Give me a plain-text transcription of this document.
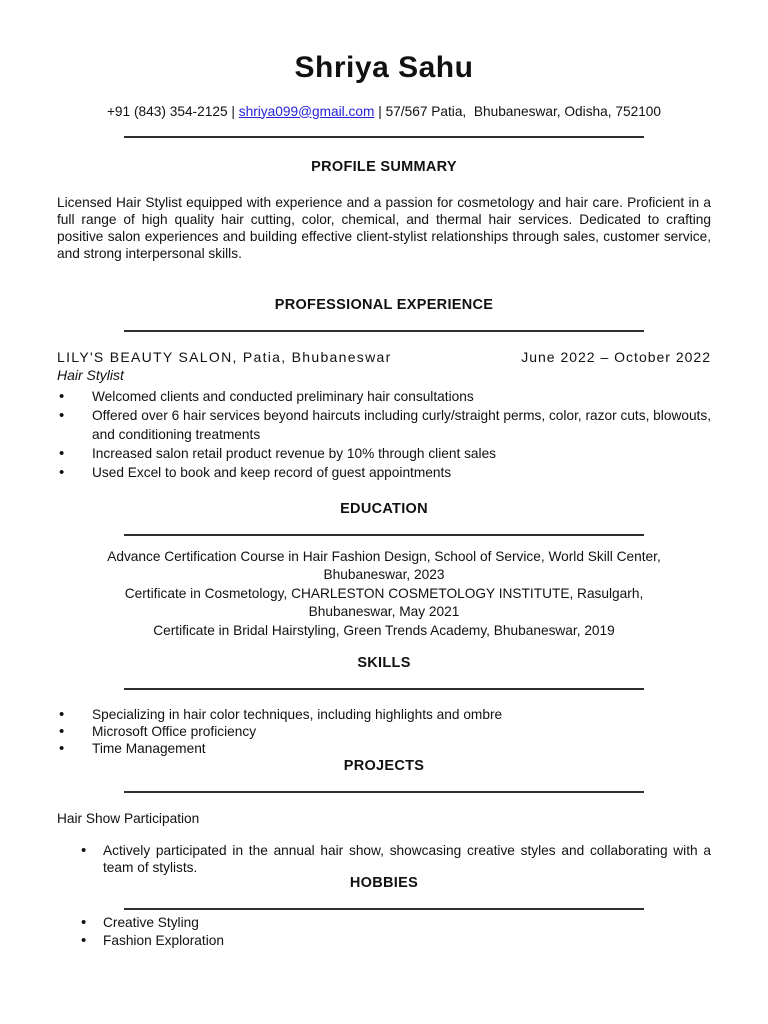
Shriya Sahu
+91 (843) 354-2125 | shriya099@gmail.com | 57/567 Patia,  Bhubaneswar, Odisha, 752100
PROFILE SUMMARY

Licensed Hair Stylist equipped with experience and a passion for cosmetology and hair care. Proficient in a full range of high quality hair cutting, color, chemical, and thermal hair services. Dedicated to crafting positive salon experiences and building effective client-stylist relationships through sales, customer service, and strong interpersonal skills.

PROFESSIONAL EXPERIENCE
LILY'S BEAUTY SALON, Patia, Bhubaneswar	June 2022 – October 2022
Hair Stylist
• Welcomed clients and conducted preliminary hair consultations
• Offered over 6 hair services beyond haircuts including curly/straight perms, color, razor cuts, blowouts, and conditioning treatments
• Increased salon retail product revenue by 10% through client sales
• Used Excel to book and keep record of guest appointments
EDUCATION
Advance Certification Course in Hair Fashion Design, School of Service, World Skill Center, Bhubaneswar, 2023
Certificate in Cosmetology, CHARLESTON COSMETOLOGY INSTITUTE, Rasulgarh, Bhubaneswar, May 2021
Certificate in Bridal Hairstyling, Green Trends Academy, Bhubaneswar, 2019
SKILLS
• Specializing in hair color techniques, including highlights and ombre
• Microsoft Office proficiency
• Time Management
PROJECTS
Hair Show Participation
• Actively participated in the annual hair show, showcasing creative styles and collaborating with a team of stylists.
HOBBIES
• Creative Styling
• Fashion Exploration
